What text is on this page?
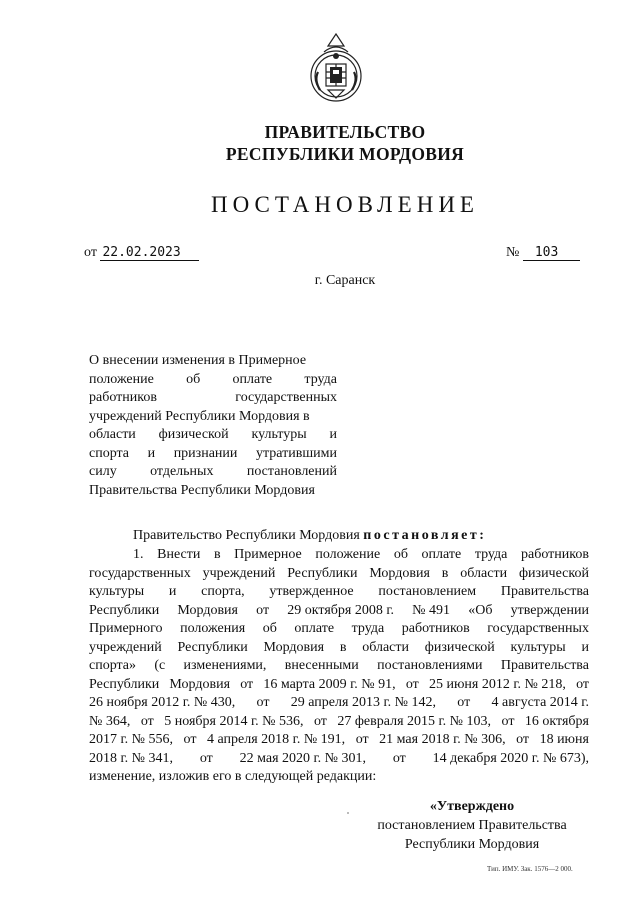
ПРАВИТЕЛЬСТВО
РЕСПУБЛИКИ МОРДОВИЯ
ПОСТАНОВЛЕНИЕ
от 22.02.2023	№ 103
г. Саранск
О внесении изменения в Примерное
положение об оплате труда
работников	государственных
учреждений Республики Мордовия в
области физической культуры и
спорта и признании утратившими
силу отдельных постановлений
Правительства Республики Мордовия
Правительство Республики Мордовия постановляет:
1. Внести в Примерное положение об оплате труда работников
государственных учреждений Республики Мордовия в области физической
культуры и спорта, утвержденное постановлением Правительства
Республики Мордовия от 29 октября 2008 г. № 491 «Об утверждении
Примерного положения об оплате труда работников государственных
учреждений Республики Мордовия в области физической культуры и
спорта» (с изменениями, внесенными постановлениями Правительства
Республики Мордовия от 16 марта 2009 г. № 91, от 25 июня 2012 г. № 218, от
26 ноября 2012 г. № 430, от 29 апреля 2013 г. № 142, от 4 августа 2014 г.
№ 364, от 5 ноября 2014 г. № 536, от 27 февраля 2015 г. № 103, от 16 октября
2017 г. № 556, от 4 апреля 2018 г. № 191, от 21 мая 2018 г. № 306, от 18 июня
2018 г. № 341, от 22 мая 2020 г. № 301, от 14 декабря 2020 г. № 673),
изменение, изложив его в следующей редакции:
«Утверждено
постановлением Правительства
Республики Мордовия
Тип. ИМУ. Зак. 1576—2 000.
